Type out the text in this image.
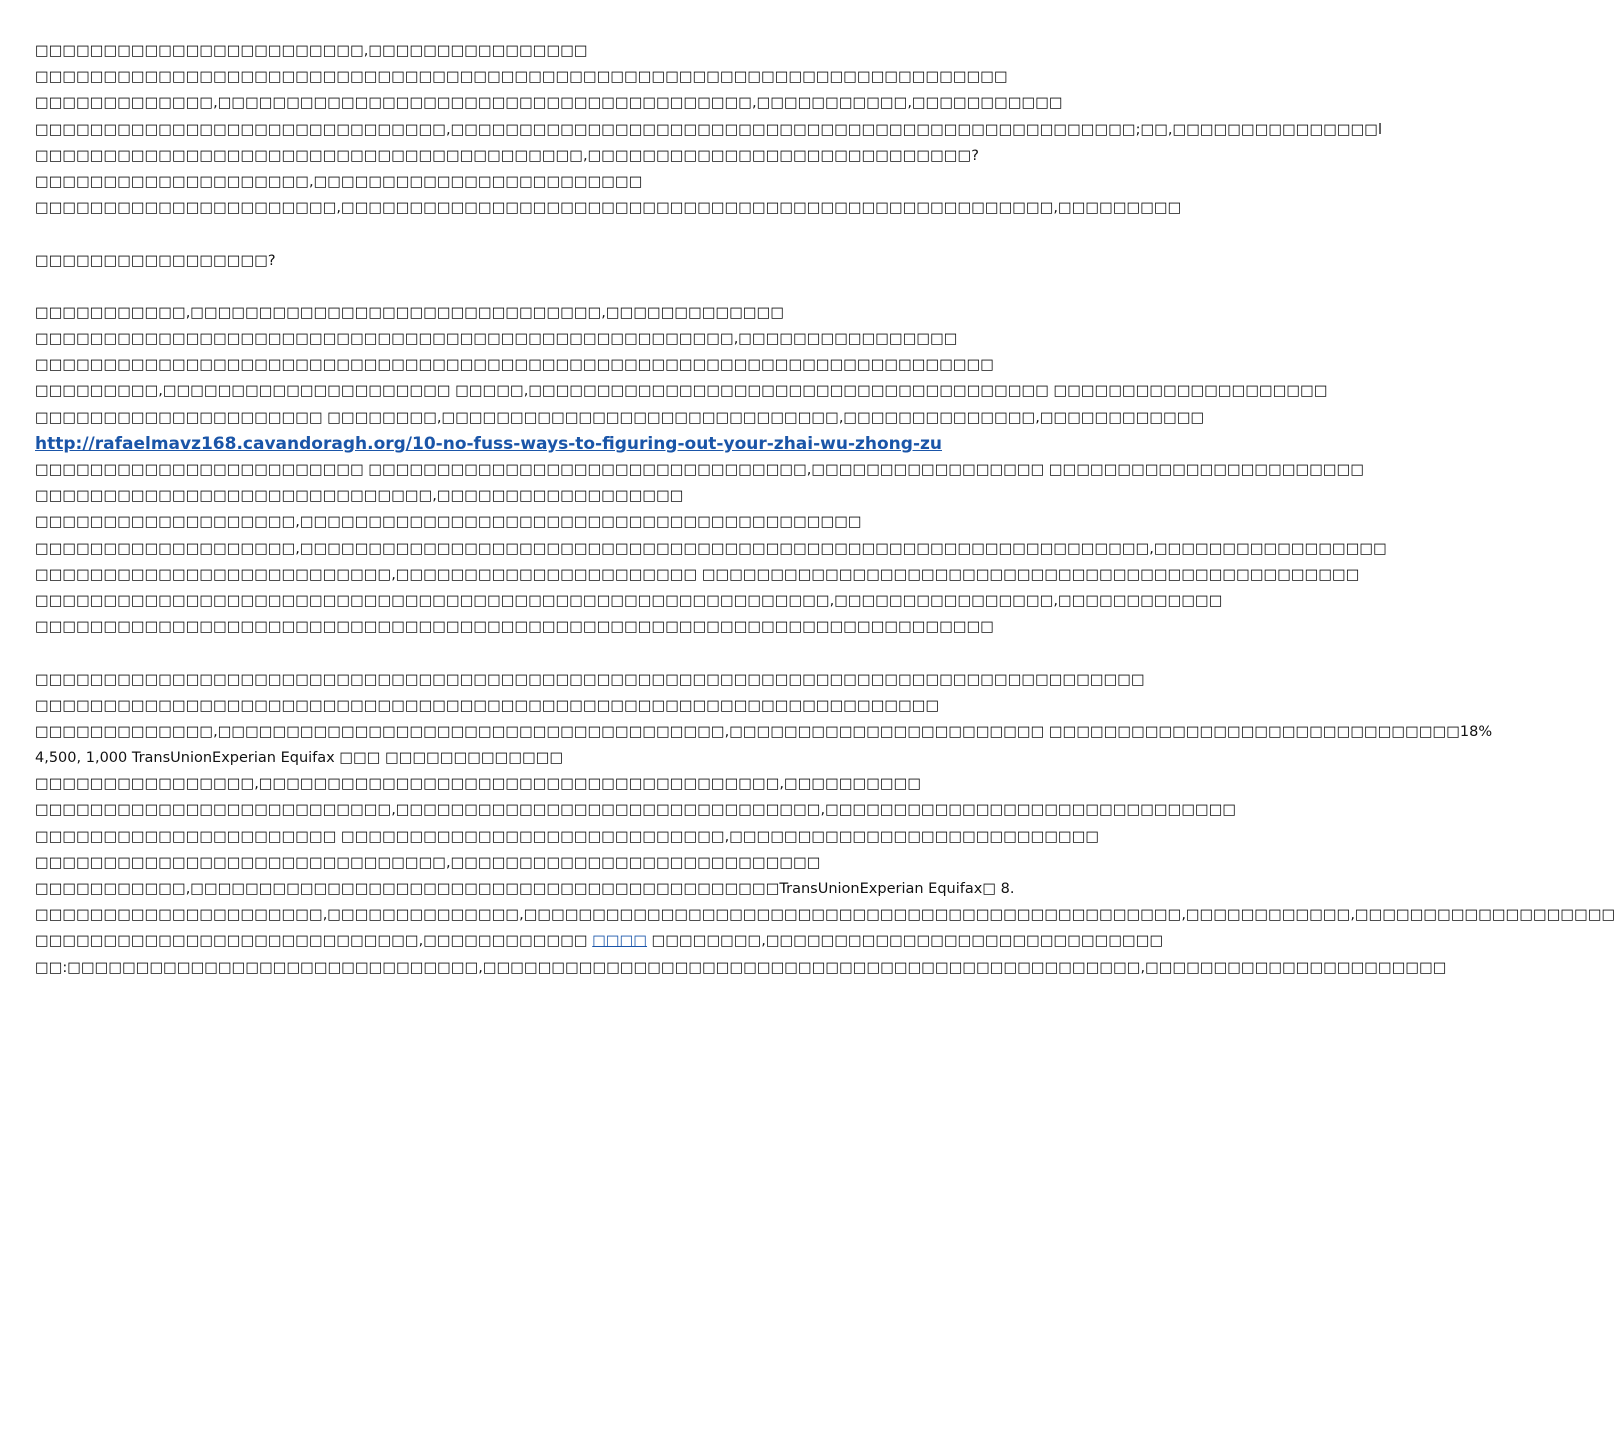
□□□□□□□□□□□□□□□□□□□□□□□□,□□□□□□□□□□□□□□□□
□□□□□□□□□□□□□□□□□□□□□□□□□□□□□□□□□□□□□□□□□□□□□□□□□□□□□□□□□□□□□□□□□□□□□□□
□□□□□□□□□□□□□,□□□□□□□□□□□□□□□□□□□□□□□□□□□□□□□□□□□□□□□,□□□□□□□□□□□,□□□□□□□□□□□
□□□□□□□□□□□□□□□□□□□□□□□□□□□□□□,□□□□□□□□□□□□□□□□□□□□□□□□□□□□□□□□□□□□□□□□□□□□□□□□□□;□□,□□□□□□□□□□□□□□□l
□□□□□□□□□□□□□□□□□□□□□□□□□□□□□□□□□□□□□□□□,□□□□□□□□□□□□□□□□□□□□□□□□□□□□?
□□□□□□□□□□□□□□□□□□□□,□□□□□□□□□□□□□□□□□□□□□□□□
□□□□□□□□□□□□□□□□□□□□□□,□□□□□□□□□□□□□□□□□□□□□□□□□□□□□□□□□□□□□□□□□□□□□□□□□□□□,□□□□□□□□□
□□□□□□□□□□□□□□□□□?
□□□□□□□□□□□,□□□□□□□□□□□□□□□□□□□□□□□□□□□□□□,□□□□□□□□□□□□□
□□□□□□□□□□□□□□□□□□□□□□□□□□□□□□□□□□□□□□□□□□□□□□□□□□□,□□□□□□□□□□□□□□□□
□□□□□□□□□□□□□□□□□□□□□□□□□□□□□□□□□□□□□□□□□□□□□□□□□□□□□□□□□□□□□□□□□□□□□□
□□□□□□□□□,□□□□□□□□□□□□□□□□□□□□□ □□□□□,□□□□□□□□□□□□□□□□□□□□□□□□□□□□□□□□□□□□□□ □□□□□□□□□□□□□□□□□□□□
□□□□□□□□□□□□□□□□□□□□□ □□□□□□□□,□□□□□□□□□□□□□□□□□□□□□□□□□□□□□,□□□□□□□□□□□□□□,□□□□□□□□□□□□
http://rafaelmavz168.cavandoragh.org/10-no-fuss-ways-to-figuring-out-your-zhai-wu-zhong-zu
□□□□□□□□□□□□□□□□□□□□□□□□ □□□□□□□□□□□□□□□□□□□□□□□□□□□□□□□□,□□□□□□□□□□□□□□□□□ □□□□□□□□□□□□□□□□□□□□□□□
□□□□□□□□□□□□□□□□□□□□□□□□□□□□□,□□□□□□□□□□□□□□□□□□
□□□□□□□□□□□□□□□□□□□,□□□□□□□□□□□□□□□□□□□□□□□□□□□□□□□□□□□□□□□□□
□□□□□□□□□□□□□□□□□□□,□□□□□□□□□□□□□□□□□□□□□□□□□□□□□□□□□□□□□□□□□□□□□□□□□□□□□□□□□□□□□□,□□□□□□□□□□□□□□□□□
□□□□□□□□□□□□□□□□□□□□□□□□□□,□□□□□□□□□□□□□□□□□□□□□□ □□□□□□□□□□□□□□□□□□□□□□□□□□□□□□□□□□□□□□□□□□□□□□□□
□□□□□□□□□□□□□□□□□□□□□□□□□□□□□□□□□□□□□□□□□□□□□□□□□□□□□□□□□□,□□□□□□□□□□□□□□□□,□□□□□□□□□□□□
□□□□□□□□□□□□□□□□□□□□□□□□□□□□□□□□□□□□□□□□□□□□□□□□□□□□□□□□□□□□□□□□□□□□□□
□□□□□□□□□□□□□□□□□□□□□□□□□□□□□□□□□□□□□□□□□□□□□□□□□□□□□□□□□□□□□□□□□□□□□□□□□□□□□□□□□
□□□□□□□□□□□□□□□□□□□□□□□□□□□□□□□□□□□□□□□□□□□□□□□□□□□□□□□□□□□□□□□□□□
□□□□□□□□□□□□□,□□□□□□□□□□□□□□□□□□□□□□□□□□□□□□□□□□□□□,□□□□□□□□□□□□□□□□□□□□□□□ □□□□□□□□□□□□□□□□□□□□□□□□□□□□□□18%
4,500, 1,000 TransUnionExperian Equifax □□□ □□□□□□□□□□□□□
□□□□□□□□□□□□□□□□,□□□□□□□□□□□□□□□□□□□□□□□□□□□□□□□□□□□□□□,□□□□□□□□□□
□□□□□□□□□□□□□□□□□□□□□□□□□□,□□□□□□□□□□□□□□□□□□□□□□□□□□□□□□□,□□□□□□□□□□□□□□□□□□□□□□□□□□□□□□
□□□□□□□□□□□□□□□□□□□□□□ □□□□□□□□□□□□□□□□□□□□□□□□□□□□,□□□□□□□□□□□□□□□□□□□□□□□□□□□
□□□□□□□□□□□□□□□□□□□□□□□□□□□□□□,□□□□□□□□□□□□□□□□□□□□□□□□□□□
□□□□□□□□□□□,□□□□□□□□□□□□□□□□□□□□□□□□□□□□□□□□□□□□□□□□□□□TransUnionExperian Equifax□ 8.
□□□□□□□□□□□□□□□□□□□□□,□□□□□□□□□□□□□□,□□□□□□□□□□□□□□□□□□□□□□□□□□□□□□□□□□□□□□□□□□□□□□□□,□□□□□□□□□□□□,□□□□□□□□□□□□□□□□□□□
□□□□□□□□□□□□□□□□□□□□□□□□□□□□,□□□□□□□□□□□□ □□□□ □□□□□□□□,□□□□□□□□□□□□□□□□□□□□□□□□□□□□□
□□:□□□□□□□□□□□□□□□□□□□□□□□□□□□□□□,□□□□□□□□□□□□□□□□□□□□□□□□□□□□□□□□□□□□□□□□□□□□□□□□,□□□□□□□□□□□□□□□□□□□□□□
